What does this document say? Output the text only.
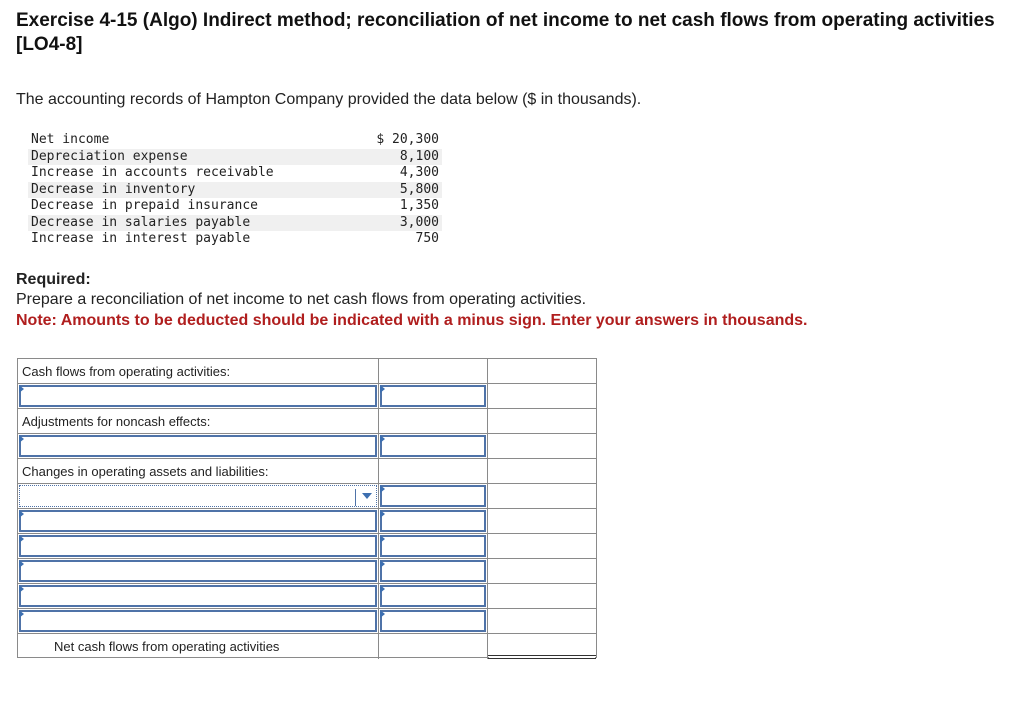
Exercise 4-15 (Algo) Indirect method; reconciliation of net income to net cash flows from operating activities [LO4-8]
The accounting records of Hampton Company provided the data below ($ in thousands).
Net income	$ 20,300
Depreciation expense	8,100
Increase in accounts receivable	4,300
Decrease in inventory	5,800
Decrease in prepaid insurance	1,350
Decrease in salaries payable	3,000
Increase in interest payable	750
Required:
Prepare a reconciliation of net income to net cash flows from operating activities.
Note: Amounts to be deducted should be indicated with a minus sign. Enter your answers in thousands.
Cash flows from operating activities:
Adjustments for noncash effects:
Changes in operating assets and liabilities:
Net cash flows from operating activities
